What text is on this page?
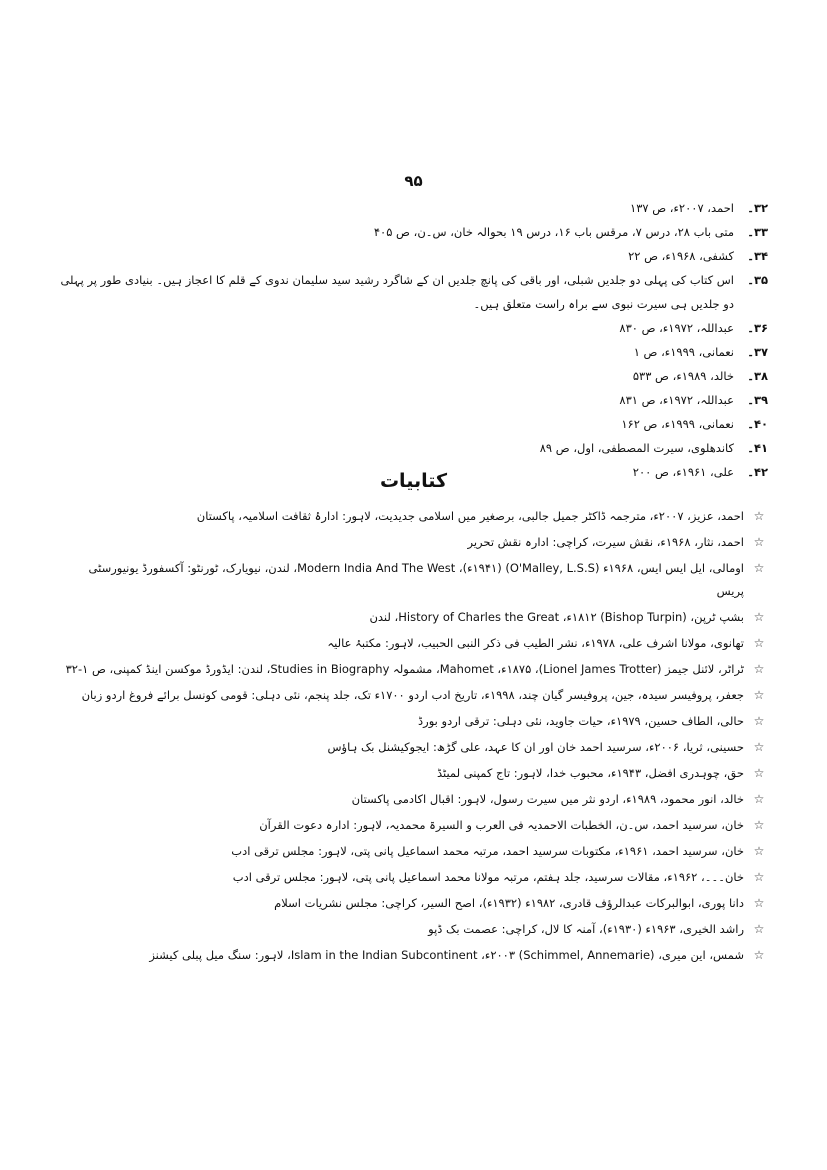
۹۵
۳۲۔
احمد، ۲۰۰۷ء، ص ۱۳۷
۳۳۔
متی باب ۲۸، درس ۷، مرقس باب ۱۶، درس ۱۹ بحوالہ خان، س۔ن، ص ۴۰۵
۳۴۔
کشفی، ۱۹۶۸ء، ص ۲۲
۳۵۔
اس کتاب کی پہلی دو جلدیں شبلی، اور باقی کی پانچ جلدیں ان کے شاگرد رشید سید سلیمان ندوی کے قلم کا اعجاز ہیں۔ بنیادی طور پر پہلی دو جلدیں ہی سیرت نبوی سے براہ راست متعلق ہیں۔
۳۶۔
عبداللہ، ۱۹۷۲ء، ص ۸۳۰
۳۷۔
نعمانی، ۱۹۹۹ء، ص ۱
۳۸۔
خالد، ۱۹۸۹ء، ص ۵۳۳
۳۹۔
عبداللہ، ۱۹۷۲ء، ص ۸۳۱
۴۰۔
نعمانی، ۱۹۹۹ء، ص ۱۶۲
۴۱۔
کاندھلوی، سیرت المصطفی، اول، ص ۸۹
۴۲۔
علی، ۱۹۶۱ء، ص ۲۰۰
کتابیات
☆
احمد، عزیز، ۲۰۰۷ء، مترجمہ ڈاکٹر جمیل جالبی، برصغیر میں اسلامی جدیدیت، لاہور: ادارۂ ثقافت اسلامیہ، پاکستان
☆
احمد، نثار، ۱۹۶۸ء، نقش سیرت، کراچی: ادارہ نقش تحریر
☆
اومالی، ایل ایس ایس، ۱۹۶۸ء (O'Malley, L.S.S) (۱۹۴۱ء)، Modern India And The West، لندن، نیویارک، ٹورنٹو: آکسفورڈ یونیورسٹی پریس
☆
بشپ ٹرپن، (Bishop Turpin) ۱۸۱۲ء، History of Charles the Great، لندن
☆
تھانوی، مولانا اشرف علی، ۱۹۷۸ء، نشر الطیب فی ذکر النبی الحبیب، لاہور: مکتبۂ عالیہ
☆
ٹراٹر، لائنل جیمز (Lionel James Trotter)، ۱۸۷۵ء، Mahomet، مشمولہ Studies in Biography، لندن: ایڈورڈ موکسن اینڈ کمپنی، ص ۱-۳۲
☆
جعفر، پروفیسر سیدہ، جین، پروفیسر گیان چند، ۱۹۹۸ء، تاریخ ادب اردو ۱۷۰۰ء تک، جلد پنجم، نئی دہلی: قومی کونسل برائے فروغ اردو زبان
☆
حالی، الطاف حسین، ۱۹۷۹ء، حیات جاوید، نئی دہلی: ترقی اردو بورڈ
☆
حسینی، ثریا، ۲۰۰۶ء، سرسید احمد خان اور ان کا عہد، علی گڑھ: ایجوکیشنل بک ہاؤس
☆
حق، چوہدری افضل، ۱۹۴۳ء، محبوب خدا، لاہور: تاج کمپنی لمیٹڈ
☆
خالد، انور محمود، ۱۹۸۹ء، اردو نثر میں سیرت رسول، لاہور: اقبال اکادمی پاکستان
☆
خان، سرسید احمد، س۔ن، الخطبات الاحمدیہ فی العرب و السیرۃ محمدیہ، لاہور: ادارہ دعوت القرآن
☆
خان، سرسید احمد، ۱۹۶۱ء، مکتوبات سرسید احمد، مرتبہ محمد اسماعیل پانی پتی، لاہور: مجلس ترقی ادب
☆
خان۔۔۔، ۱۹۶۲ء، مقالات سرسید، جلد ہفتم، مرتبہ مولانا محمد اسماعیل پانی پتی، لاہور: مجلس ترقی ادب
☆
دانا پوری، ابوالبرکات عبدالرؤف قادری، ۱۹۸۲ء (۱۹۳۲ء)، اصح السیر، کراچی: مجلس نشریات اسلام
☆
راشد الخیری، ۱۹۶۳ء (۱۹۳۰ء)، آمنہ کا لال، کراچی: عصمت بک ڈپو
☆
شمس، این میری، (Schimmel, Annemarie) ۲۰۰۳ء، Islam in the Indian Subcontinent، لاہور: سنگ میل پبلی کیشنز
